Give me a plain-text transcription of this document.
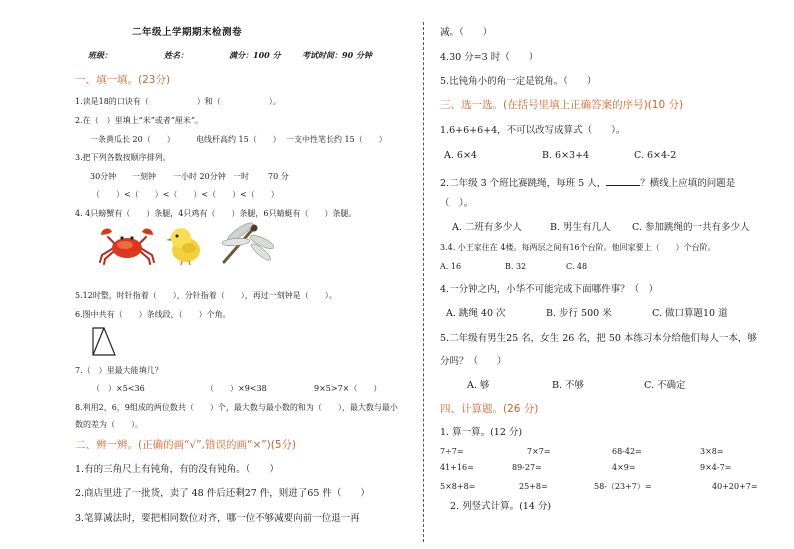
二年级上学期期末检测卷
班级：	姓名：	满分：100 分	考试时间：90 分钟
一、填一填。(23分)
1.读是18的口诀有（　　　　　　）和（　　　　　　）。
2.在（　）里填上“米”或者“厘米”。
一条黄瓜长 20（　　）	电线杆高约 15（　　） 一支中性笔长约 15（　　）
3.把下列各数按顺序排列。
30分钟 一刻钟 一小时 20分钟 一时 70 分
（　　）<（　　）<（　　）<（　　）<（　　）
4. 4只螃蟹有（　　）条腿，4只鸡有（　　）条腿，6只蜻蜓有（　　）条腿。
5.12时整，时针指着（　　），分针指着（　　），再过一刻钟是（　　）。
6.图中共有（　　）条线段，（　　）个角。
7.（　）里最大能填几？
（　）×5<36	（　　）×9<38	9×5>7×（　　）
8.利用2，6，9组成的两位数共（　　）个，最大数与最小数的和为（　　），最大数与最小
数的差为（　　）。
二、辨一辨。(正确的画“√”,错误的画“×”)(5分)
1.有的三角尺上有钝角，有的没有钝角。（　　）
2.商店里进了一批货，卖了 48 件后还剩27 件，则进了65 件（　　）
3.笔算减法时，要把相同数位对齐，哪一位不够减要向前一位退一再
减。（　　）
4.30 分=3 时（　　）
5.比钝角小的角一定是锐角。（　　）
三、选一选。(在括号里填上正确答案的序号)(10 分)
1.6+6+6+4，不可以改写成算式（　　）。
A. 6×4	B. 6×3+4	C. 6×4-2
2.二年级 3 个班比赛跳绳，每班 5 人，	？横线上应填的问题是
（　）。
A. 二班有多少人	B. 男生有几人 C. 参加跳绳的一共有多少人
3.4. 小王家住在 4楼。每两层之间有16个台阶。他回家要上（　　）个台阶。
A. 16	B. 32	C. 48
4.一分钟之内，小华不可能完成下面哪件事？（　）
A. 跳绳 40 次	B. 步行 500 米	C. 做口算题10 道
5.二年级有男生25 名，女生 26 名，把 50 本练习本分给他们每人一本，够
分吗？（　　）
A. 够	B. 不够	C. 不确定
四、计算题。(26 分)
1. 算一算。(12 分)
7÷7=	7×7=	68-42=	3×8=
41+16=	89-27=	4×9=	9×4-7=
5×8+8=	25+8=	58-（23+7）=	40+20+7=
2. 列竖式计算。(14 分)
